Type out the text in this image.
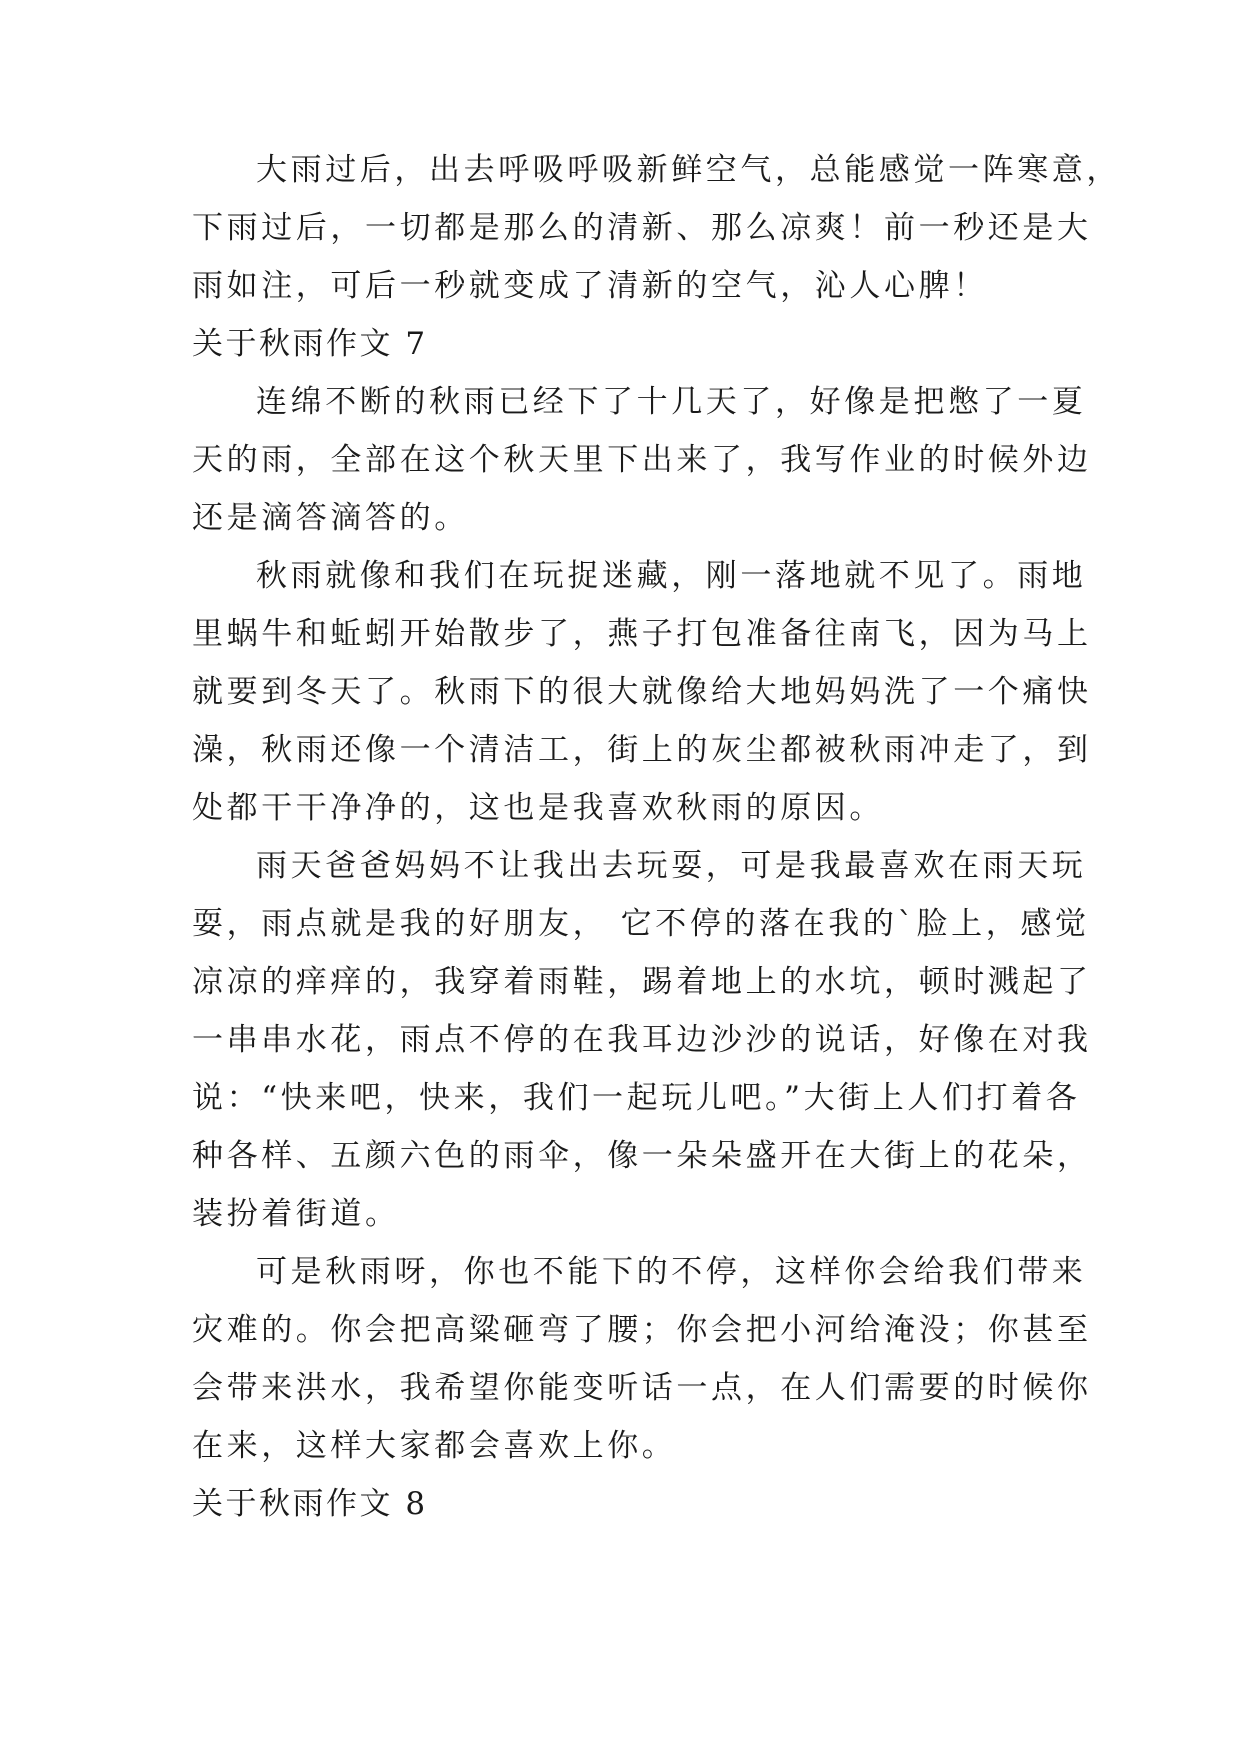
大雨过后，出去呼吸呼吸新鲜空气，总能感觉一阵寒意，
下雨过后，一切都是那么的清新、那么凉爽！前一秒还是大
雨如注，可后一秒就变成了清新的空气，沁人心脾！
关于秋雨作文 7
连绵不断的秋雨已经下了十几天了，好像是把憋了一夏
天的雨，全部在这个秋天里下出来了，我写作业的时候外边
还是滴答滴答的。
秋雨就像和我们在玩捉迷藏，刚一落地就不见了。雨地
里蜗牛和蚯蚓开始散步了，燕子打包准备往南飞，因为马上
就要到冬天了。秋雨下的很大就像给大地妈妈洗了一个痛快
澡，秋雨还像一个清洁工，街上的灰尘都被秋雨冲走了，到
处都干干净净的，这也是我喜欢秋雨的原因。
雨天爸爸妈妈不让我出去玩耍，可是我最喜欢在雨天玩
耍，雨点就是我的好朋友， 它不停的落在我的`脸上，感觉
凉凉的痒痒的，我穿着雨鞋，踢着地上的水坑，顿时溅起了
一串串水花，雨点不停的在我耳边沙沙的说话，好像在对我
说：“快来吧，快来，我们一起玩儿吧。”大街上人们打着各
种各样、五颜六色的雨伞，像一朵朵盛开在大街上的花朵，
装扮着街道。
可是秋雨呀，你也不能下的不停，这样你会给我们带来
灾难的。你会把高粱砸弯了腰；你会把小河给淹没；你甚至
会带来洪水，我希望你能变听话一点，在人们需要的时候你
在来，这样大家都会喜欢上你。
关于秋雨作文 8
